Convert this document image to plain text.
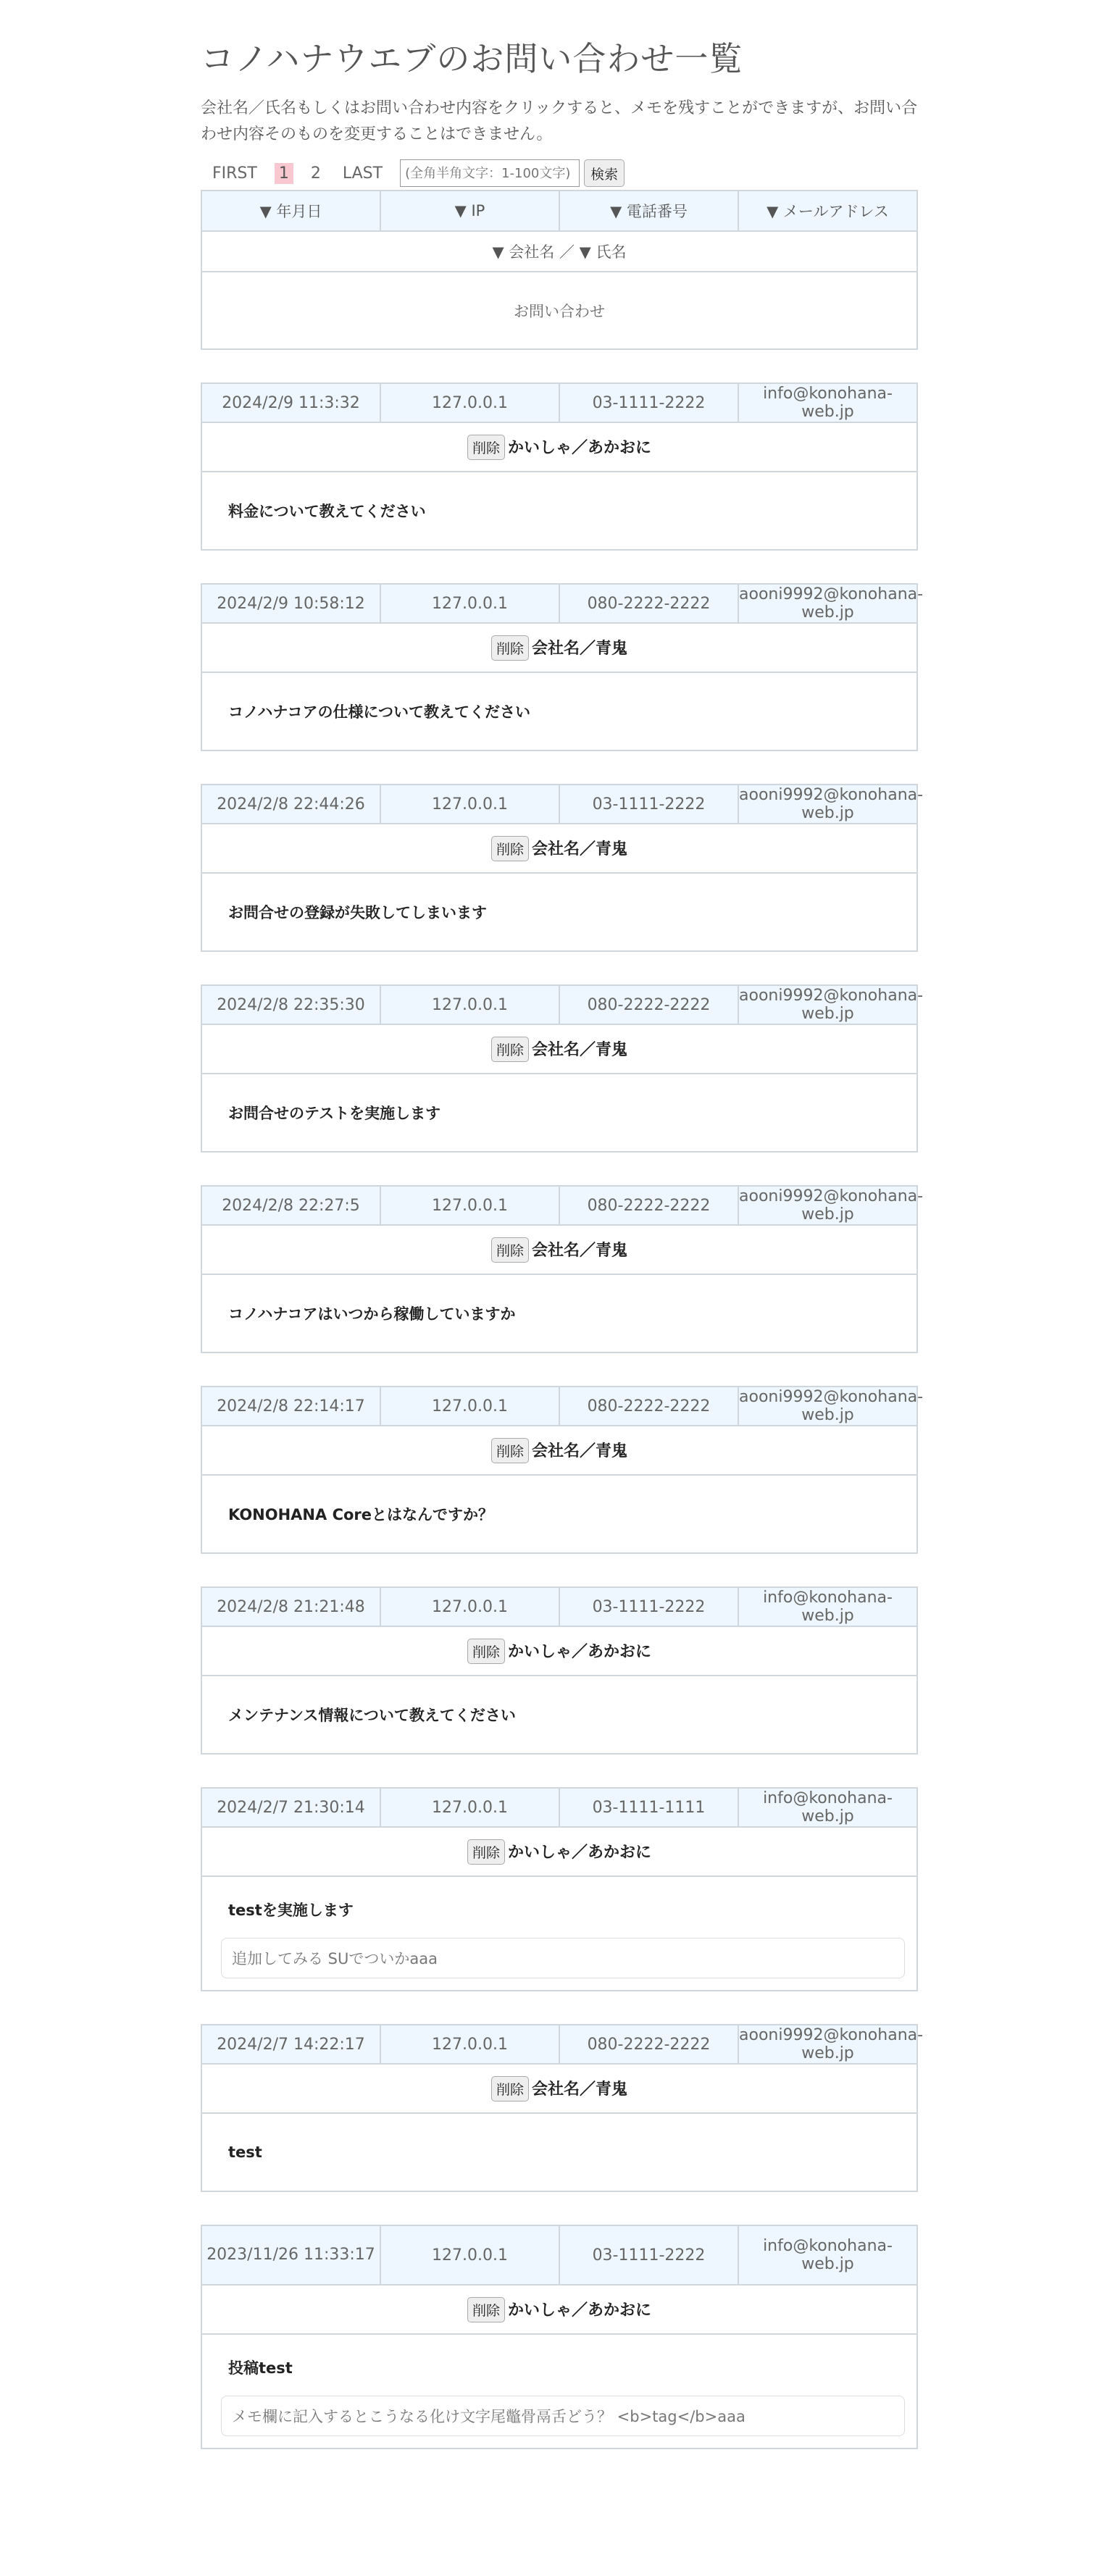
コノハナウエブのお問い合わせ一覧
会社名／氏名もしくはお問い合わせ内容をクリックすると、メモを残すことができますが、お問い合わせ内容そのものを変更することはできません。
FIRST 1 2 LAST
(全角半角文字：1-100文字)	検索
▼ 年月日	▼ IP	▼ 電話番号	▼ メールアドレス
▼ 会社名 ／ ▼ 氏名
お問い合わせ
2024/2/9 11:3:32	127.0.0.1	03-1111-2222	info@konohana-web.jp
削除 かいしゃ／あかおに

料金について教えてください
2024/2/9 10:58:12	127.0.0.1	080-2222-2222	aooni9992@konohana-web.jp
削除 会社名／青鬼

コノハナコアの仕様について教えてください
2024/2/8 22:44:26	127.0.0.1	03-1111-2222	aooni9992@konohana-web.jp
削除 会社名／青鬼

お問合せの登録が失敗してしまいます
2024/2/8 22:35:30	127.0.0.1	080-2222-2222	aooni9992@konohana-web.jp
削除 会社名／青鬼

お問合せのテストを実施します
2024/2/8 22:27:5	127.0.0.1	080-2222-2222	aooni9992@konohana-web.jp
削除 会社名／青鬼

コノハナコアはいつから稼働していますか
2024/2/8 22:14:17	127.0.0.1	080-2222-2222	aooni9992@konohana-web.jp
削除 会社名／青鬼

KONOHANA Coreとはなんですか？
2024/2/8 21:21:48	127.0.0.1	03-1111-2222	info@konohana-web.jp
削除 かいしゃ／あかおに

メンテナンス情報について教えてください
2024/2/7 21:30:14	127.0.0.1	03-1111-1111	info@konohana-web.jp
削除 かいしゃ／あかおに

testを実施します
追加してみる SUでついかaaa
2024/2/7 14:22:17	127.0.0.1	080-2222-2222	aooni9992@konohana-web.jp
削除 会社名／青鬼

test
2023/11/26 11:33:17	127.0.0.1	03-1111-2222	info@konohana-web.jp
削除 かいしゃ／あかおに

投稿test
メモ欄に記入するとこうなる化け文字尾鼈骨鬲舌どう？ <b>tag</b>aaa
